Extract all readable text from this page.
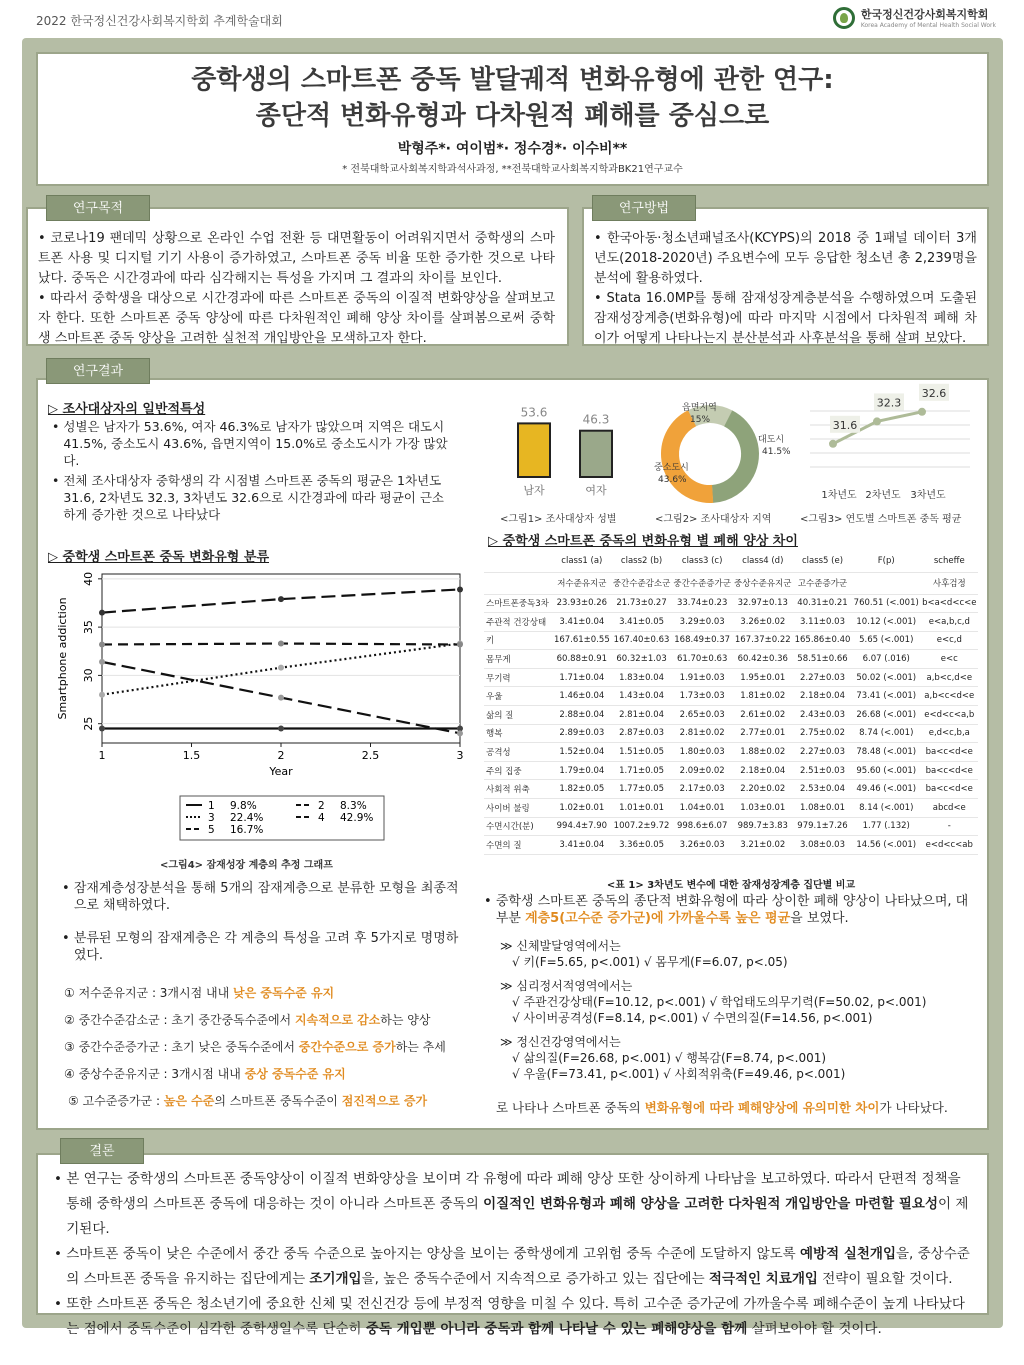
2022 한국정신건강사회복지학회 추계학술대회	한국정신건강사회복지학회
Korea Academy of Mental Health Social Work
중학생의 스마트폰 중독 발달궤적 변화유형에 관한 연구:
종단적 변화유형과 다차원적 폐해를 중심으로
박형주*· 여이범*· 정수경*· 이수비**
* 전북대학교사회복지학과석사과정, **전북대학교사회복지학과BK21연구교수

• 코로나19 팬데믹 상황으로 온라인 수업 전환 등 대면활동이 어려워지면서 중학생의 스마트폰 사용 및 디지털 기기 사용이 증가하였고, 스마트폰 중독 비율 또한 증가한 것으로 나타났다. 중독은 시간경과에 따라 심각해지는 특성을 가지며 그 결과의 차이를 보인다.

• 따라서 중학생을 대상으로 시간경과에 따른 스마트폰 중독의 이질적 변화양상을 살펴보고자 한다. 또한 스마트폰 중독 양상에 따른 다차원적인 폐해 양상 차이를 살펴봄으로써 중학생 스마트폰 중독 양상을 고려한 실천적 개입방안을 모색하고자 한다.

연구목적

• 한국아동·청소년패널조사(KCYPS)의 2018 중 1패널 데이터 3개년도(2018-2020년) 주요변수에 모두 응답한 청소년 총 2,239명을 분석에 활용하였다.

• Stata 16.0MP를 통해 잠재성장계층분석을 수행하였으며 도출된 잠재성장계층(변화유형)에 따라 마지막 시점에서 다차원적 폐해 차이가 어떻게 나타나는지 분산분석과 사후분석을 통해 살펴 보았다.

연구방법
연구결과
▷ 조사대상자의 일반적특성
• 성별은 남자가 53.6%, 여자 46.3%로 남자가 많았으며 지역은 대도시 41.5%, 중소도시 43.6%, 읍면지역이 15.0%로 중소도시가 가장 많았다.
• 전체 조사대상자 중학생의 각 시점별 스마트폰 중독의 평균은 1차년도 31.6, 2차년도 32.3, 3차년도 32.6으로 시간경과에 따라 평균이 근소하게 증가한 것으로 나타났다
53.6
남자
46.3
여자
<그림1> 조사대상자 성별
읍면지역
15%
대도시
41.5%
중소도시
43.6%
<그림2> 조사대상자 지역
31.6
1차년도
32.3
2차년도
32.6
3차년도
<그림3> 연도별 스마트폰 중독 평균
▷ 중학생 스마트폰 중독 변화유형 분류
25
30
35
40
1	1.5	2	2.5	3
Year
Smartphone addiction
1 9.8%	2 8.3%
3 22.4%	4 42.9%
5 16.7%
<그림4> 잠재성장 계층의 추정 그래프
• 잠재계층성장분석을 통해 5개의 잠재계층으로 분류한 모형을 최종적으로 채택하였다.
• 분류된 모형의 잠재계층은 각 계층의 특성을 고려 후 5가지로 명명하였다.
① 저수준유지군 : 3개시점 내내 낮은 중독수준 유지
② 중간수준감소군 : 초기 중간중독수준에서 지속적으로 감소하는 양상
③ 중간수준증가군 : 초기 낮은 중독수준에서 중간수준으로 증가하는 추세
④ 중상수준유지군 : 3개시점 내내 중상 중독수준 유지
⑤ 고수준증가군 : 높은 수준의 스마트폰 중독수준이 점진적으로 증가
▷ 중학생 스마트폰 중독의 변화유형 별 폐해 양상 차이
	class1 (a)	class2 (b)	class3 (c)	class4 (d)	class5 (e)	F(p)	scheffe
	저수준유지군	중간수준감소군	중간수준증가군	중상수준유지군	고수준증가군		사후검정
스마트폰중독3차	23.93±0.26	21.73±0.27	33.74±0.23	32.97±0.13	40.31±0.21	760.51 (<.001)	b<a<d<c<e
주관적 건강상태	3.41±0.04	3.41±0.05	3.29±0.03	3.26±0.02	3.11±0.03	10.12 (<.001)	e<a,b,c,d
키	167.61±0.55	167.40±0.63	168.49±0.37	167.37±0.22	165.86±0.40	5.65 (<.001)	e<c,d
몸무게	60.88±0.91	60.32±1.03	61.70±0.63	60.42±0.36	58.51±0.66	6.07 (.016)	e<c
무기력	1.71±0.04	1.83±0.04	1.91±0.03	1.95±0.01	2.27±0.03	50.02 (<.001)	a,b<c,d<e
우울	1.46±0.04	1.43±0.04	1.73±0.03	1.81±0.02	2.18±0.04	73.41 (<.001)	a,b<c<d<e
삶의 질	2.88±0.04	2.81±0.04	2.65±0.03	2.61±0.02	2.43±0.03	26.68 (<.001)	e<d<c<a,b
행복	2.89±0.03	2.87±0.03	2.81±0.02	2.77±0.01	2.75±0.02	8.74 (<.001)	e,d<c,b,a
공격성	1.52±0.04	1.51±0.05	1.80±0.03	1.88±0.02	2.27±0.03	78.48 (<.001)	ba<c<d<e
주의 집중	1.79±0.04	1.71±0.05	2.09±0.02	2.18±0.04	2.51±0.03	95.60 (<.001)	ba<c<d<e
사회적 위축	1.82±0.05	1.77±0.05	2.17±0.03	2.20±0.02	2.53±0.04	49.46 (<.001)	ba<c<d<e
사이버 불링	1.02±0.01	1.01±0.01	1.04±0.01	1.03±0.01	1.08±0.01	8.14 (<.001)	abcd<e
수면시간(분)	994.4±7.90	1007.2±9.72	998.6±6.07	989.7±3.83	979.1±7.26	1.77 (.132)	-
수면의 질	3.41±0.04	3.36±0.05	3.26±0.03	3.21±0.02	3.08±0.03	14.56 (<.001)	e<d<c<ab
<표 1> 3차년도 변수에 대한 잠재성장계층 집단별 비교
• 중학생 스마트폰 중독의 종단적 변화유형에 따라 상이한 폐해 양상이 나타났으며, 대부분 계층5(고수준 증가군)에 가까울수록 높은 평균을 보였다.
≫ 신체발달영역에서는
√ 키(F=5.65, p<.001) √ 몸무게(F=6.07, p<.05)
≫ 심리정서적영역에서는
√ 주관건강상태(F=10.12, p<.001) √ 학업태도의무기력(F=50.02, p<.001)
√ 사이버공격성(F=8.14, p<.001) √ 수면의질(F=14.56, p<.001)
≫ 정신건강영역에서는
√ 삶의질(F=26.68, p<.001) √ 행복감(F=8.74, p<.001)
√ 우울(F=73.41, p<.001) √ 사회적위축(F=49.46, p<.001)
로 나타나 스마트폰 중독의 변화유형에 따라 폐해양상에 유의미한 차이가 나타났다.
• 본 연구는 중학생의 스마트폰 중독양상이 이질적 변화양상을 보이며 각 유형에 따라 폐해 양상 또한 상이하게 나타남을 보고하였다. 따라서 단편적 정책을 통해 중학생의 스마트폰 중독에 대응하는 것이 아니라 스마트폰 중독의 이질적인 변화유형과 폐해 양상을 고려한 다차원적 개입방안을 마련할 필요성이 제기된다.
• 스마트폰 중독이 낮은 수준에서 중간 중독 수준으로 높아지는 양상을 보이는 중학생에게 고위험 중독 수준에 도달하지 않도록 예방적 실천개입을, 중상수준의 스마트폰 중독을 유지하는 집단에게는 조기개입을, 높은 중독수준에서 지속적으로 증가하고 있는 집단에는 적극적인 치료개입 전략이 필요할 것이다.
• 또한 스마트폰 중독은 청소년기에 중요한 신체 및 전신건강 등에 부정적 영향을 미칠 수 있다. 특히 고수준 증가군에 가까울수록 폐해수준이 높게 나타났다는 점에서 중독수준이 심각한 중학생일수록 단순히 중독 개입뿐 아니라 중독과 함께 나타날 수 있는 폐해양상을 함께 살펴보아야 할 것이다.
결론
